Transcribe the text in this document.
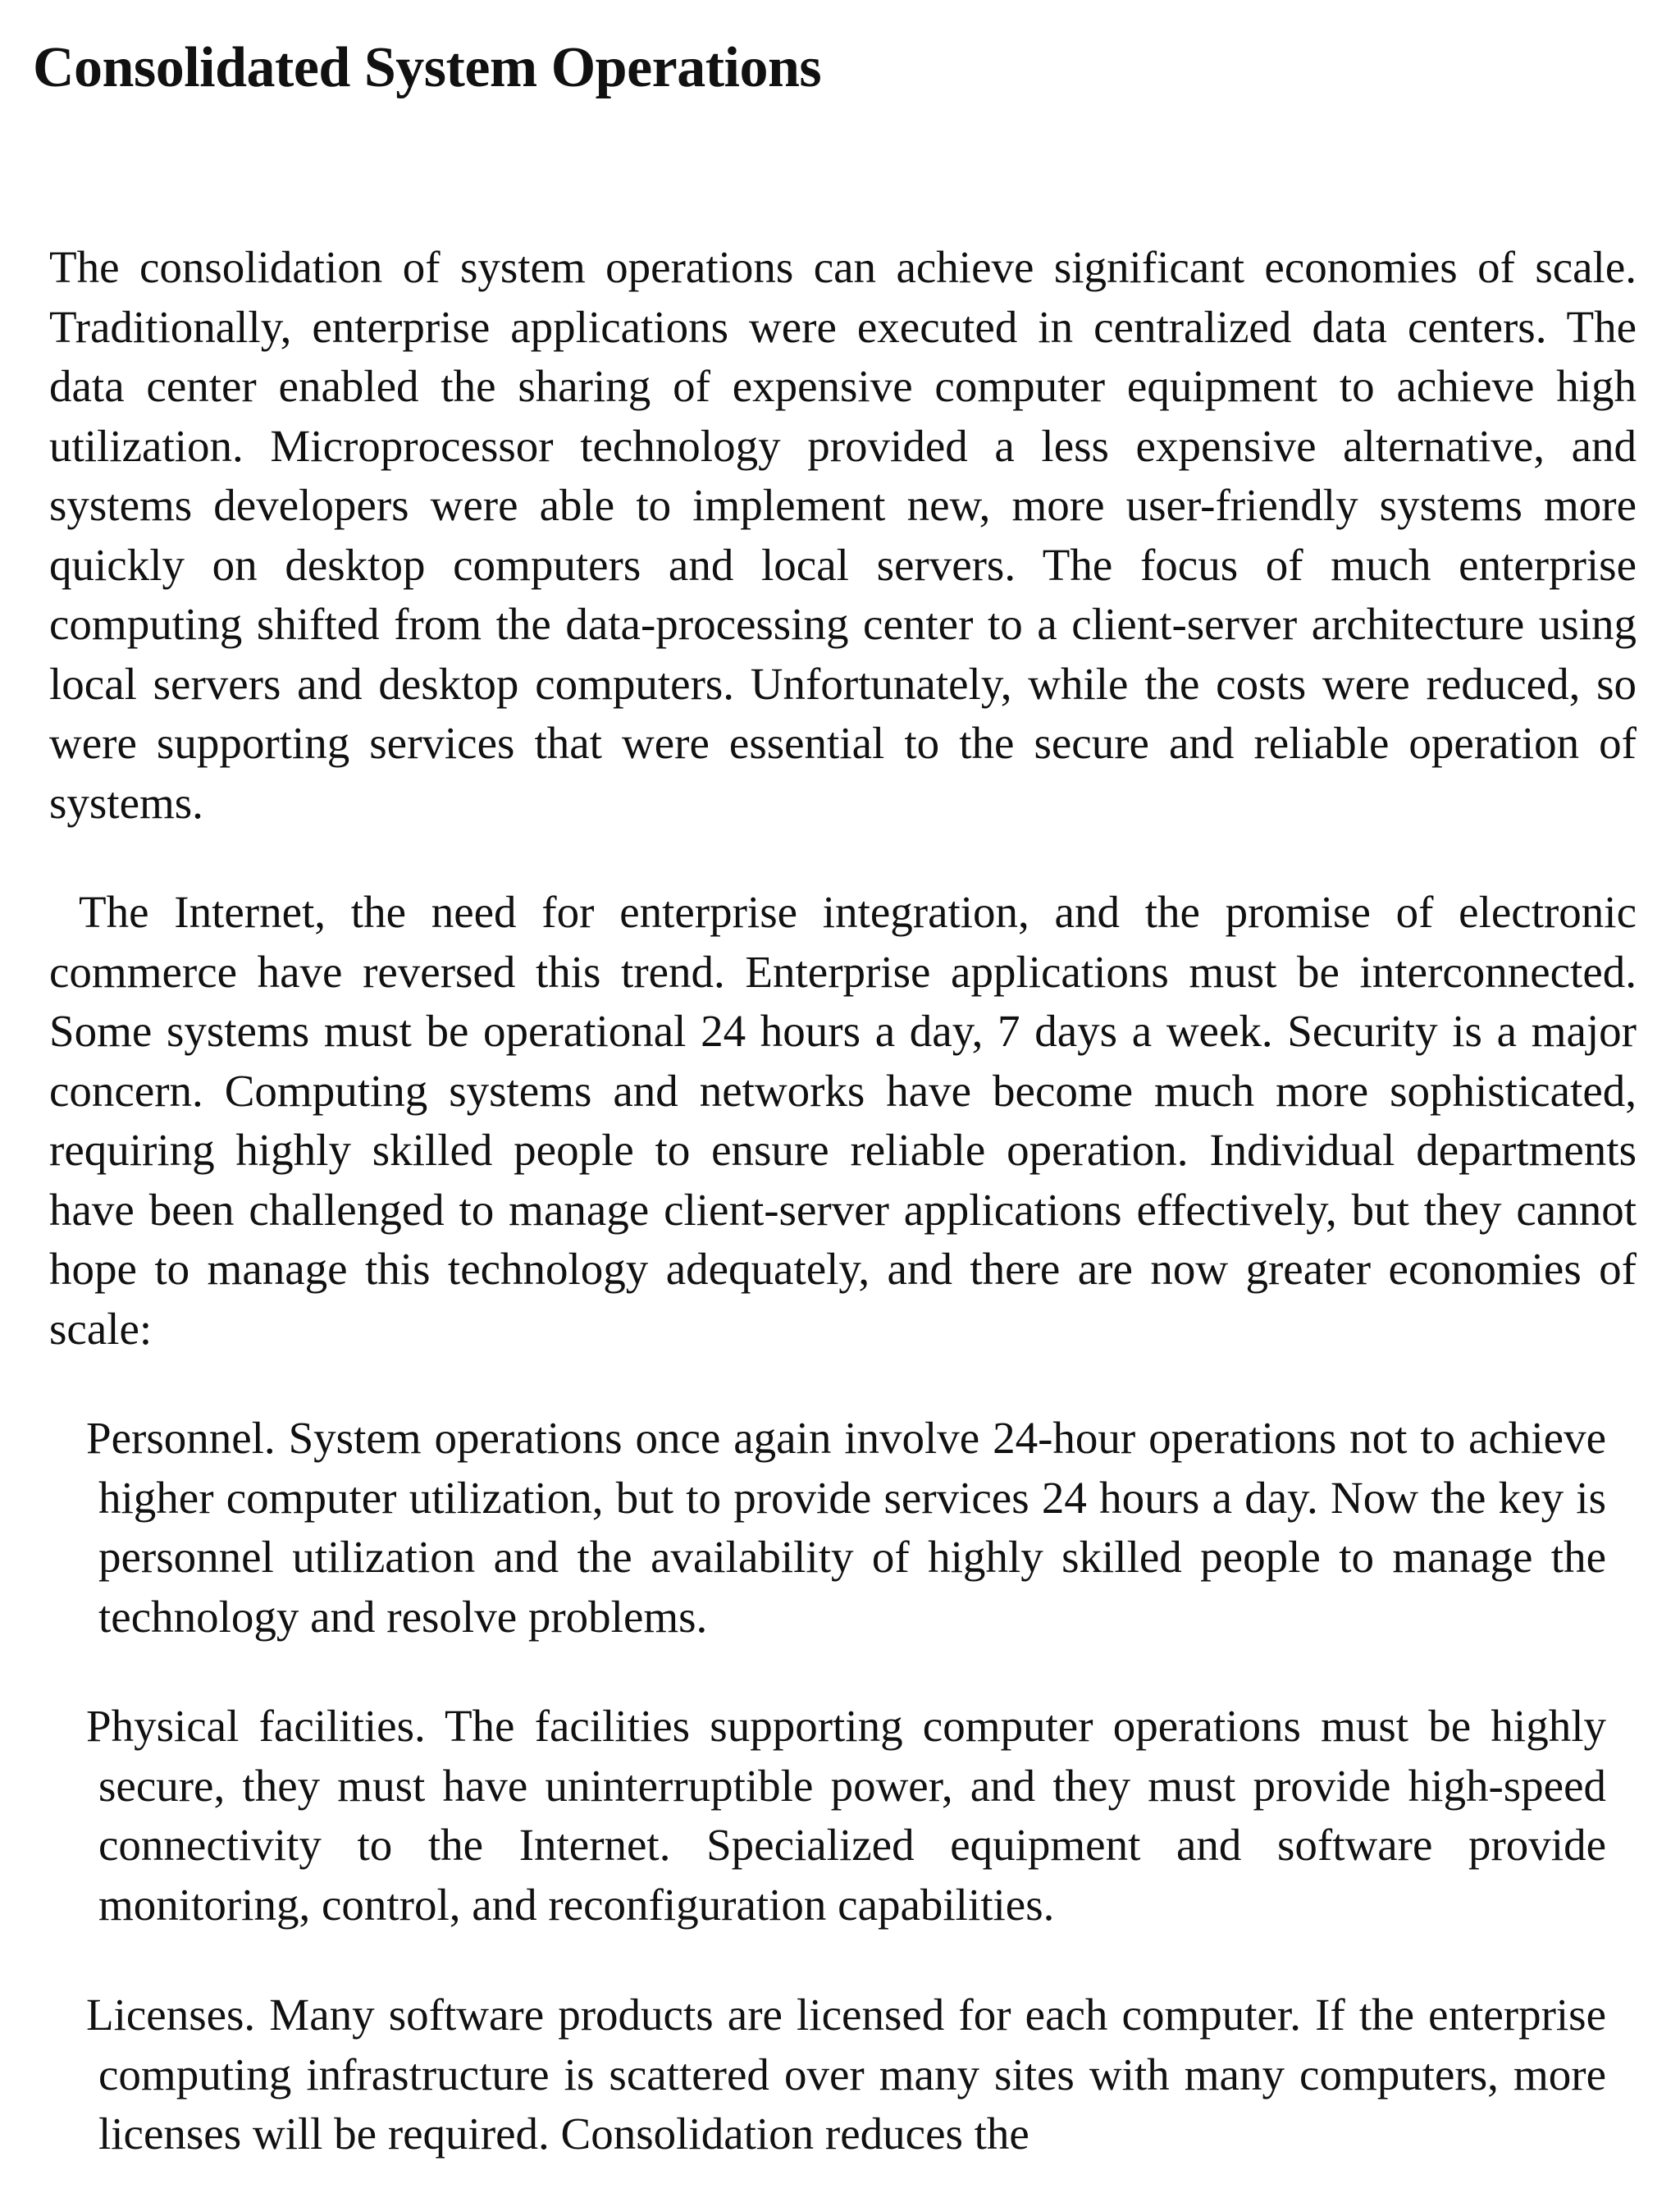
Consolidated System Operations

The consolidation of system operations can achieve significant economies of scale. Traditionally, enterprise applications were executed in centralized data centers. The data center enabled the sharing of expensive computer equipment to achieve high utilization. Microprocessor technology provided a less expensive alternative, and systems developers were able to implement new, more user-friendly systems more quickly on desktop computers and local servers. The focus of much enterprise computing shifted from the data-processing center to a client-server architecture using local servers and desktop computers. Unfortunately, while the costs were reduced, so were supporting services that were essential to the secure and reliable operation of systems.

The Internet, the need for enterprise integration, and the promise of electronic commerce have reversed this trend. Enterprise applications must be interconnected. Some systems must be operational 24 hours a day, 7 days a week. Security is a major concern. Computing systems and networks have become much more sophisticated, requiring highly skilled people to ensure reliable operation. Individual departments have been challenged to manage client-server applications effectively, but they cannot hope to manage this technology adequately, and there are now greater economies of scale:

Personnel. System operations once again involve 24-hour operations not to achieve higher computer utilization, but to provide services 24 hours a day. Now the key is personnel utilization and the availability of highly skilled people to manage the technology and resolve problems.

Physical facilities. The facilities supporting computer operations must be highly secure, they must have uninterruptible power, and they must provide high-speed connectivity to the Internet. Specialized equipment and software provide monitoring, control, and reconfiguration capabilities.

Licenses. Many software products are licensed for each computer. If the enterprise computing infrastructure is scattered over many sites with many computers, more licenses will be required. Consolidation reduces the
